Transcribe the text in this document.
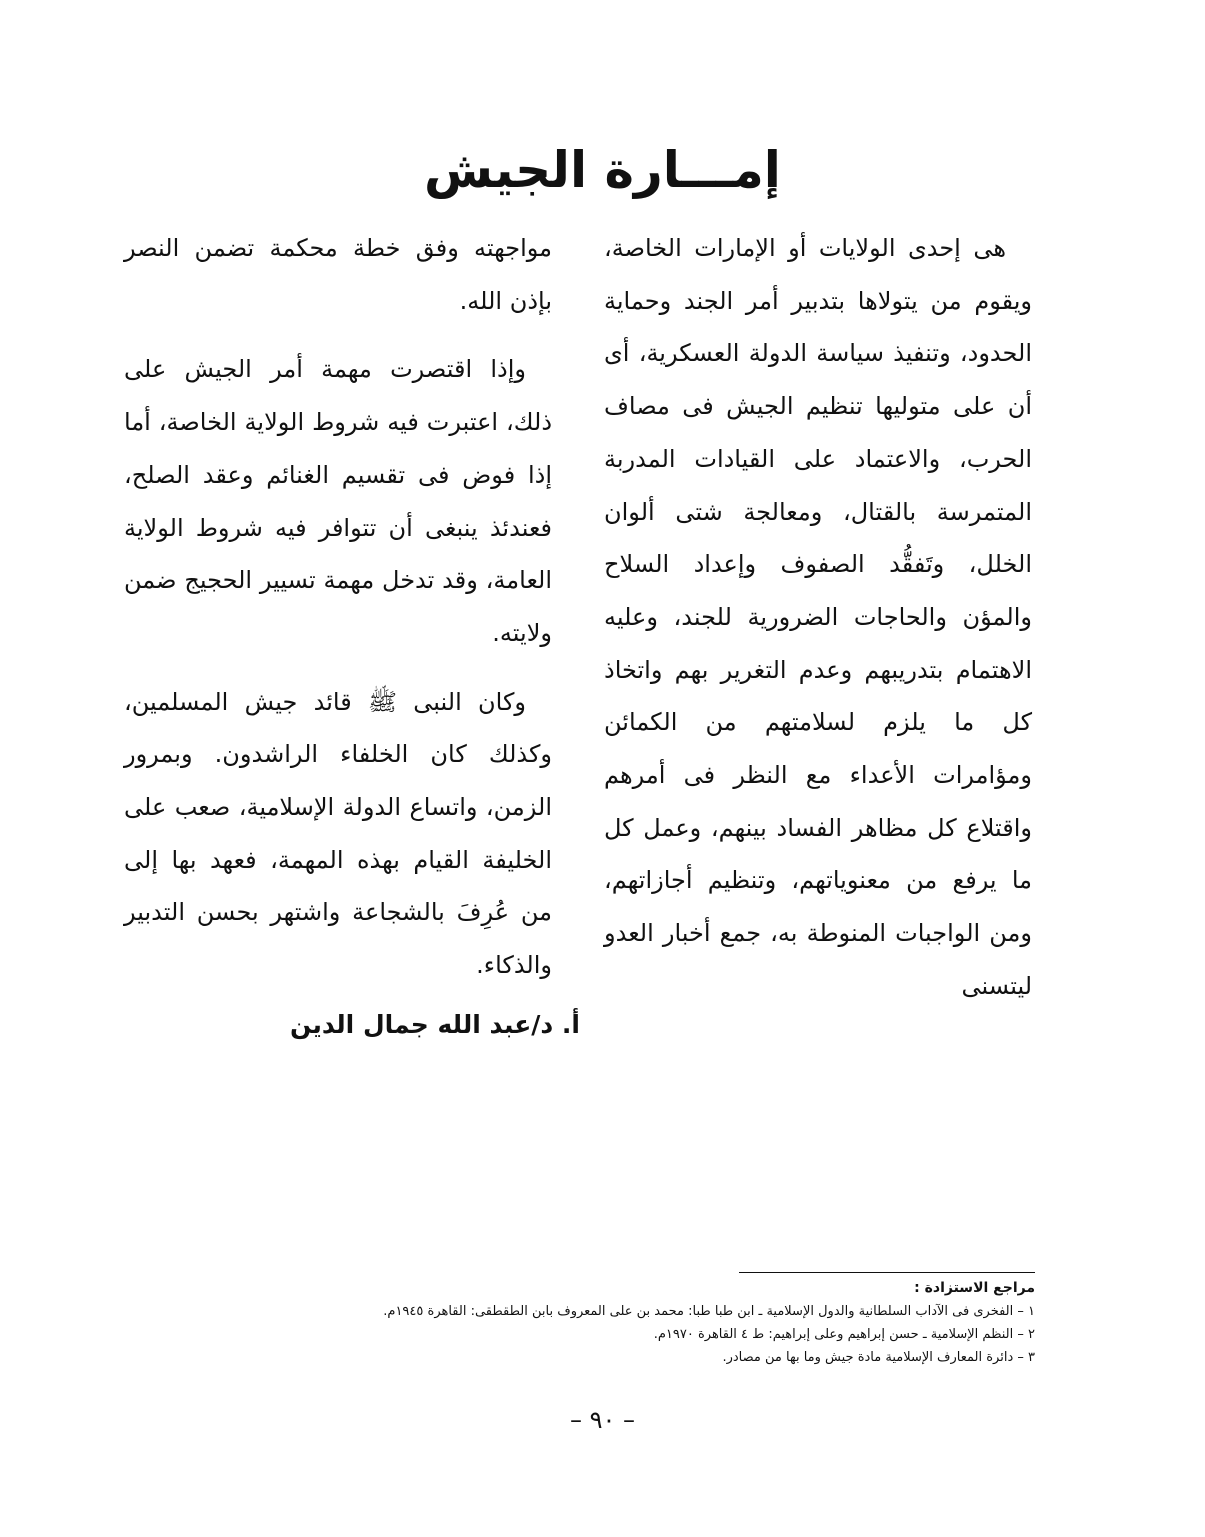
إمـــارة الجيش

هى إحدى الولايات أو الإمارات الخاصة، ويقوم من يتولاها بتدبير أمر الجند وحماية الحدود، وتنفيذ سياسة الدولة العسكرية، أى أن على متوليها تنظيم الجيش فى مصاف الحرب، والاعتماد على القيادات المدربة المتمرسة بالقتال، ومعالجة شتى ألوان الخلل، وتَفقُّد الصفوف وإعداد السلاح والمؤن والحاجات الضرورية للجند، وعليه الاهتمام بتدريبهم وعدم التغرير بهم واتخاذ كل ما يلزم لسلامتهم من الكمائن ومؤامرات الأعداء مع النظر فى أمرهم واقتلاع كل مظاهر الفساد بينهم، وعمل كل ما يرفع من معنوياتهم، وتنظيم أجازاتهم، ومن الواجبات المنوطة به، جمع أخبار العدو ليتسنى

مواجهته وفق خطة محكمة تضمن النصر بإذن الله.

وإذا اقتصرت مهمة أمر الجيش على ذلك، اعتبرت فيه شروط الولاية الخاصة، أما إذا فوض فى تقسيم الغنائم وعقد الصلح، فعندئذ ينبغى أن تتوافر فيه شروط الولاية العامة، وقد تدخل مهمة تسيير الحجيج ضمن ولايته.

وكان النبى ﷺ قائد جيش المسلمين، وكذلك كان الخلفاء الراشدون. وبمرور الزمن، واتساع الدولة الإسلامية، صعب على الخليفة القيام بهذه المهمة، فعهد بها إلى من عُرِفَ بالشجاعة واشتهر بحسن التدبير والذكاء.

أ. د/عبد الله جمال الدين
مراجع الاستزادة :
١ – الفخرى فى الآداب السلطانية والدول الإسلامية ـ ابن طبا طبا: محمد بن على المعروف بابن الطقطقى: القاهرة ١٩٤٥م.
٢ – النظم الإسلامية ـ حسن إبراهيم وعلى إبراهيم: ط ٤ القاهرة ١٩٧٠م.
٣ – دائرة المعارف الإسلامية مادة جيش وما بها من مصادر.
– ٩٠ –
